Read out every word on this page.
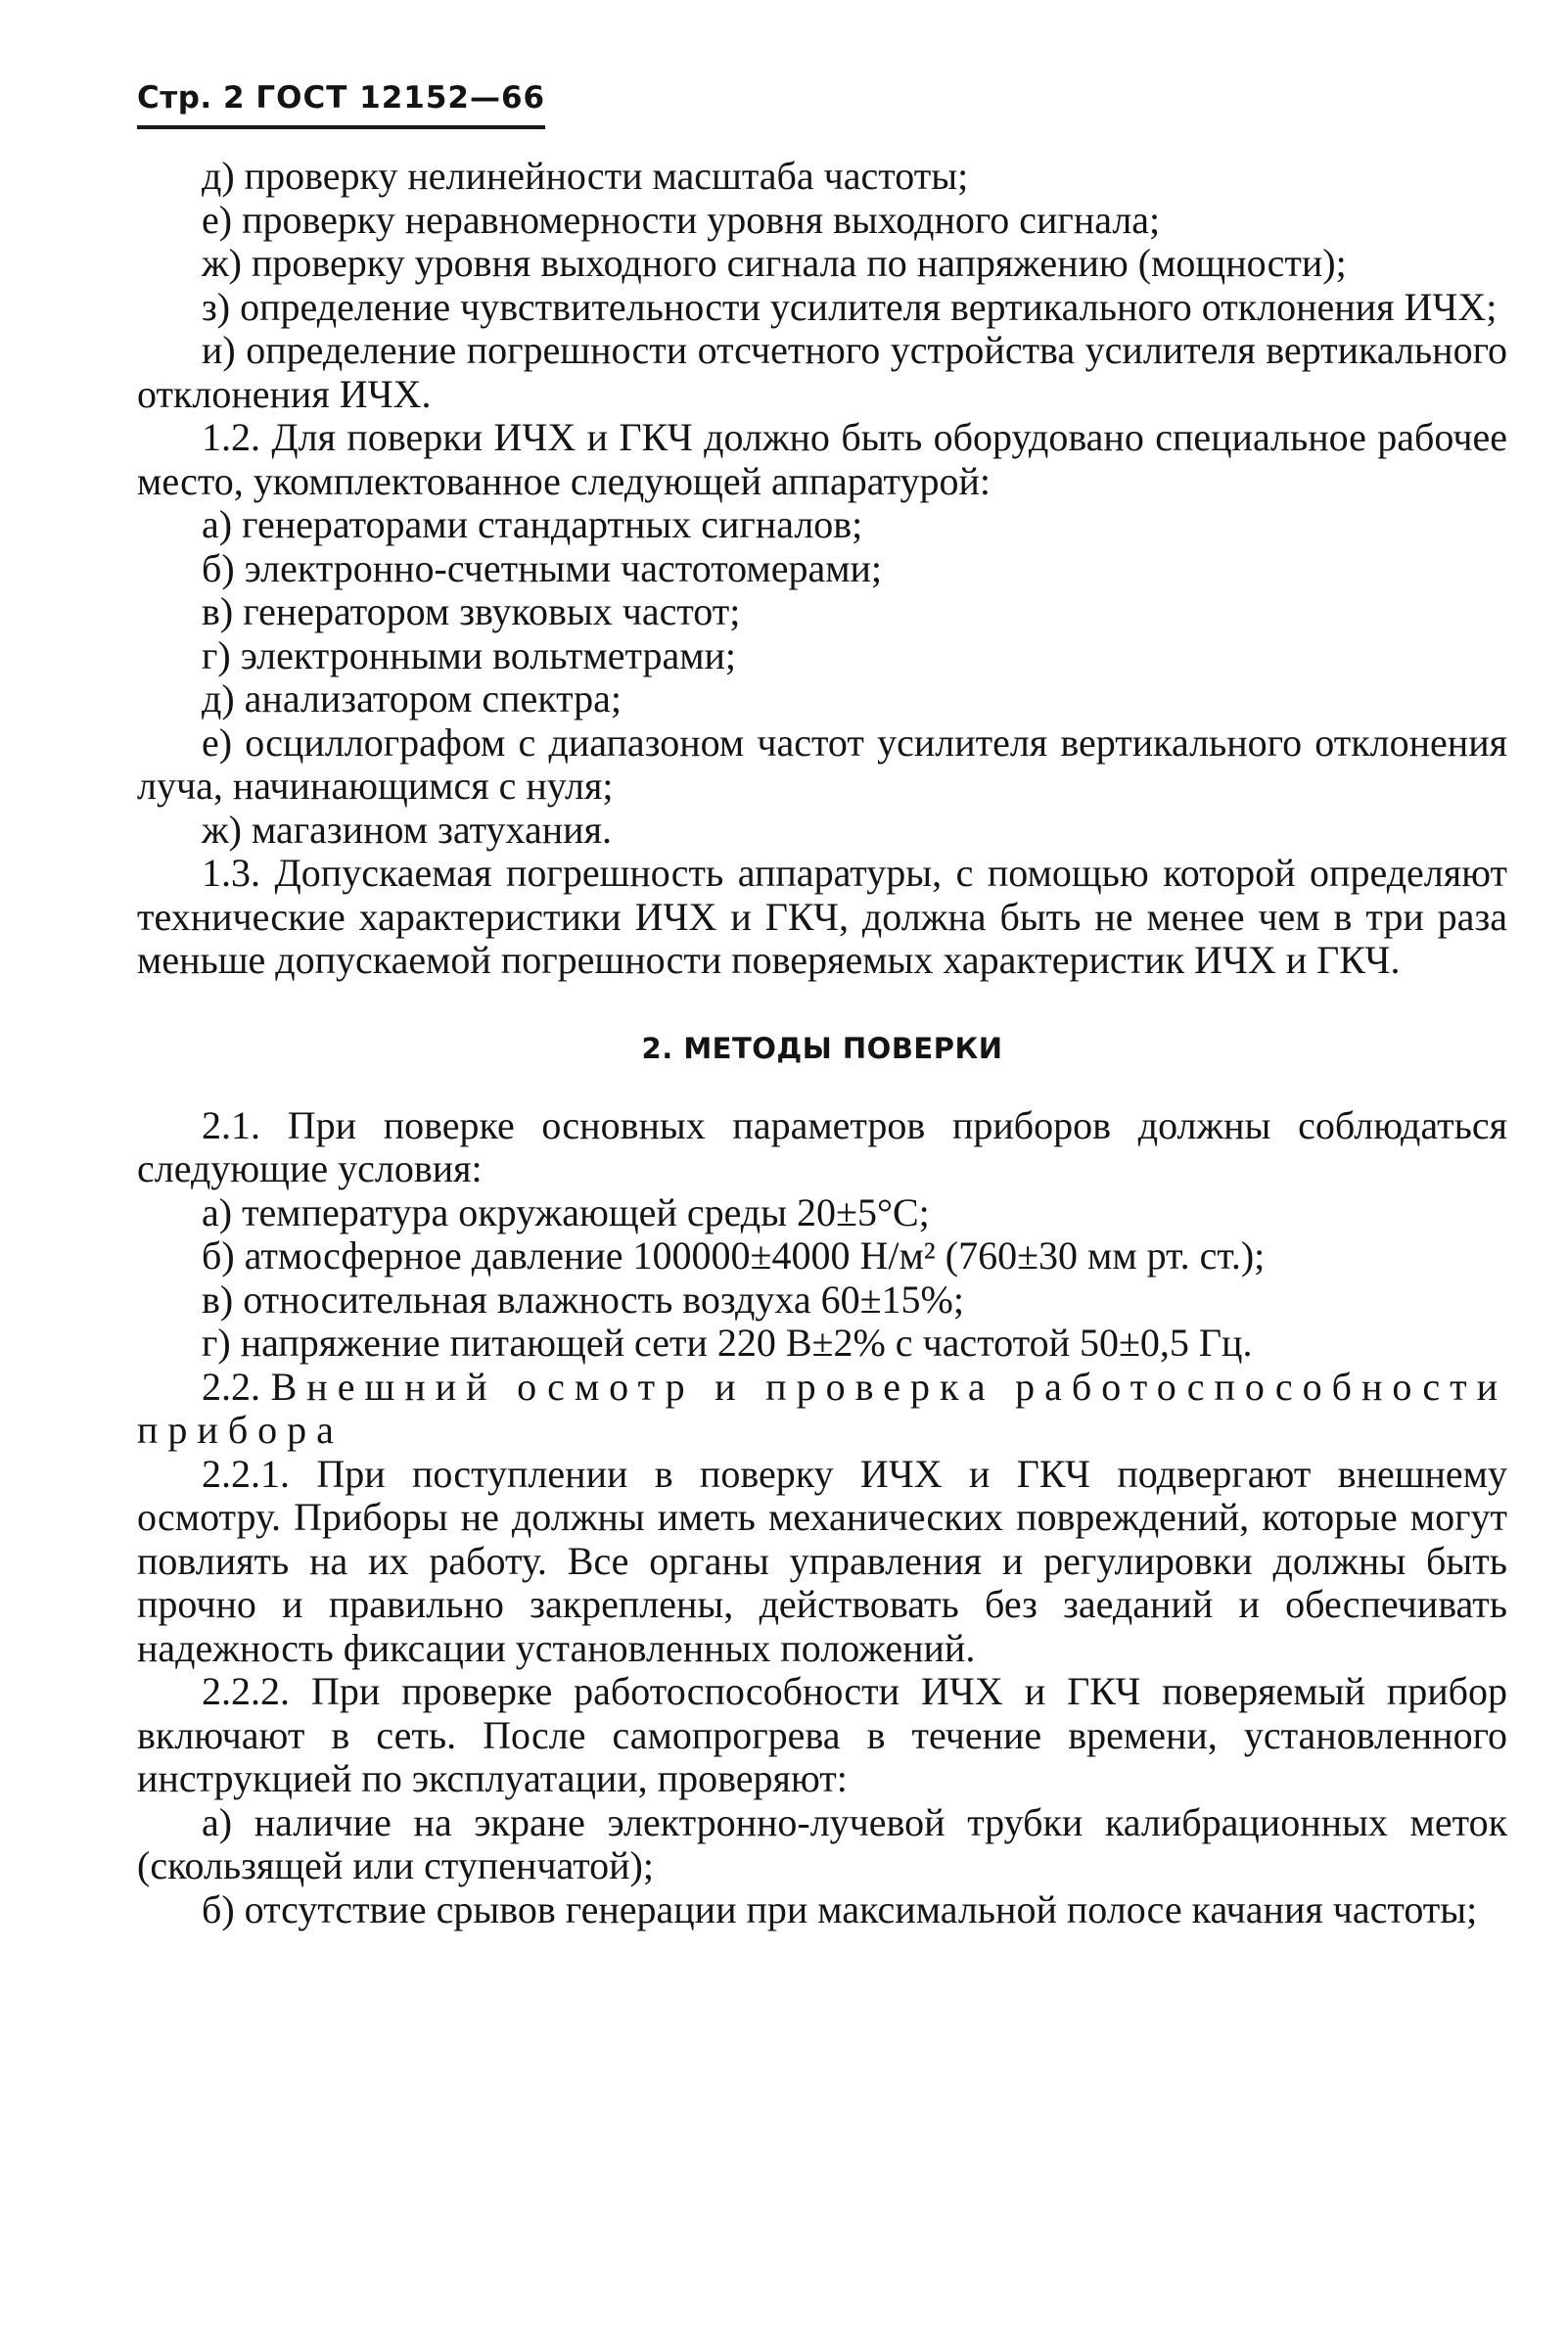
Стр. 2 ГОСТ 12152—66

д) проверку нелинейности масштаба частоты;

е) проверку неравномерности уровня выходного сигнала;

ж) проверку уровня выходного сигнала по напряжению (мощности);

з) определение чувствительности усилителя вертикального отклонения ИЧХ;

и) определение погрешности отсчетного устройства усилителя вертикального отклонения ИЧХ.

1.2. Для поверки ИЧХ и ГКЧ должно быть оборудовано специальное рабочее место, укомплектованное следующей аппаратурой:

а) генераторами стандартных сигналов;

б) электронно-счетными частотомерами;

в) генератором звуковых частот;

г) электронными вольтметрами;

д) анализатором спектра;

е) осциллографом с диапазоном частот усилителя вертикального отклонения луча, начинающимся с нуля;

ж) магазином затухания.

1.3. Допускаемая погрешность аппаратуры, с помощью которой определяют технические характеристики ИЧХ и ГКЧ, должна быть не менее чем в три раза меньше допускаемой погрешности поверяемых характеристик ИЧХ и ГКЧ.

2. МЕТОДЫ ПОВЕРКИ

2.1. При поверке основных параметров приборов должны соблюдаться следующие условия:

а) температура окружающей среды 20±5°С;

б) атмосферное давление 100000±4000 Н/м² (760±30 мм рт. ст.);

в) относительная влажность воздуха 60±15%;

г) напряжение питающей сети 220 В±2% с частотой 50±0,5 Гц.

2.2. Внешний осмотр и проверка работоспособности прибора

2.2.1. При поступлении в поверку ИЧХ и ГКЧ подвергают внешнему осмотру. Приборы не должны иметь механических повреждений, которые могут повлиять на их работу. Все органы управления и регулировки должны быть прочно и правильно закреплены, действовать без заеданий и обеспечивать надежность фиксации установленных положений.

2.2.2. При проверке работоспособности ИЧХ и ГКЧ поверяемый прибор включают в сеть. После самопрогрева в течение времени, установленного инструкцией по эксплуатации, проверяют:

а) наличие на экране электронно-лучевой трубки калибрационных меток (скользящей или ступенчатой);

б) отсутствие срывов генерации при максимальной полосе качания частоты;
